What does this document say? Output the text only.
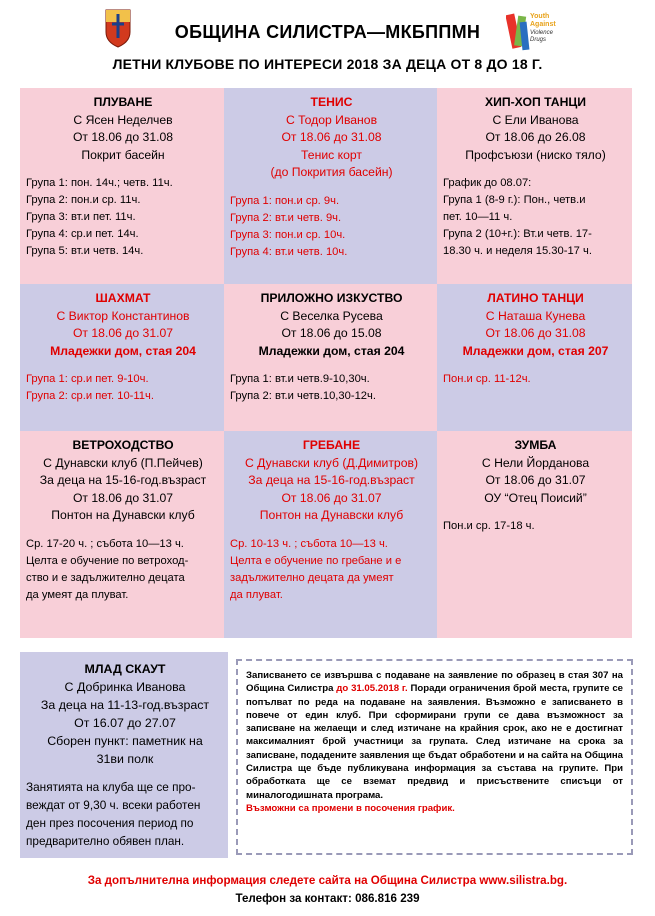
ОБЩИНА СИЛИСТРА—МКБППМН
Youth
Against
Violence
Drugs
ЛЕТНИ КЛУБОВЕ ПО ИНТЕРЕСИ 2018 ЗА ДЕЦА ОТ 8 ДО 18 Г.
ПЛУВАНЕ
С Ясен Неделчев
От 18.06 до 31.08
Покрит басейн
Група 1: пон. 14ч.; четв. 11ч.
Група 2: пон.и ср. 11ч.
Група 3: вт.и пет. 11ч.
Група 4: ср.и пет. 14ч.
Група 5: вт.и четв. 14ч.
ТЕНИС
С Тодор Иванов
От 18.06 до 31.08
Тенис корт
(до Покрития басейн)
Група 1: пон.и ср. 9ч.
Група 2: вт.и четв. 9ч.
Група 3: пон.и ср. 10ч.
Група 4: вт.и четв. 10ч.
ХИП-ХОП ТАНЦИ
С Ели Иванова
От 18.06 до 26.08
Профсъюзи (ниско тяло)
График до 08.07:
Група 1 (8-9 г.): Пон., четв.и
пет. 10—11 ч.
Група 2 (10+г.): Вт.и четв. 17-
18.30 ч. и неделя 15.30-17 ч.
ШАХМАТ
С Виктор Константинов
От 18.06 до 31.07
Младежки дом, стая 204
Група 1: ср.и пет. 9-10ч.
Група 2: ср.и пет. 10-11ч.
ПРИЛОЖНО ИЗКУСТВО
С Веселка Русева
От 18.06 до 15.08
Младежки дом, стая 204
Група 1: вт.и четв.9-10,30ч.
Група 2: вт.и четв.10,30-12ч.
ЛАТИНО ТАНЦИ
С Наташа Кунева
От 18.06 до 31.08
Младежки дом, стая 207
Пон.и ср. 11-12ч.
ВЕТРОХОДСТВО
С Дунавски клуб (П.Пейчев)
За деца на 15-16-год.възраст
От 18.06 до 31.07
Понтон на Дунавски клуб
Ср. 17-20 ч. ; събота 10—13 ч.
Целта е обучение по ветроход-
ство и е задължително децата
да умеят да плуват.
ГРЕБАНЕ
С Дунавски клуб (Д.Димитров)
За деца на 15-16-год.възраст
От 18.06 до 31.07
Понтон на Дунавски клуб
Ср. 10-13 ч. ; събота 10—13 ч.
Целта е обучение по гребане и е
задължително децата да умеят
да плуват.
ЗУМБА
С Нели Йорданова
От 18.06 до 31.07
ОУ “Отец Поисий”
Пон.и ср. 17-18 ч.
МЛАД СКАУТ
С Добринка Иванова
За деца на 11-13-год.възраст
От 16.07 до 27.07
Сборен пункт: паметник на
31ви полк
Занятията на клуба ще се про-
веждат от 9,30 ч. всеки работен
ден през посочения период по
предварително обявен план.
Записването се извършва с подаване на заявление по образец в стая 307 на Община Силистра до 31.05.2018 г. Поради ограничения брой места, групите се попълват по реда на подаване на заявления. Възможно е записването в повече от един клуб. При сформирани групи се дава възможност за записване на желаещи и след изтичане на крайния срок, ако не е достигнат максималният брой участници за групата. След изтичане на срока за записване, подадените заявления ще бъдат обработени и на сайта на Община Силистра ще бъде публикувана информация за състава на групите. При обработката ще се вземат предвид и присъствените списъци от миналогодишната програма.
Възможни са промени в посочения график.
За допълнителна информация следете сайта на Община Силистра www.silistra.bg.
Телефон за контакт: 086.816 239
